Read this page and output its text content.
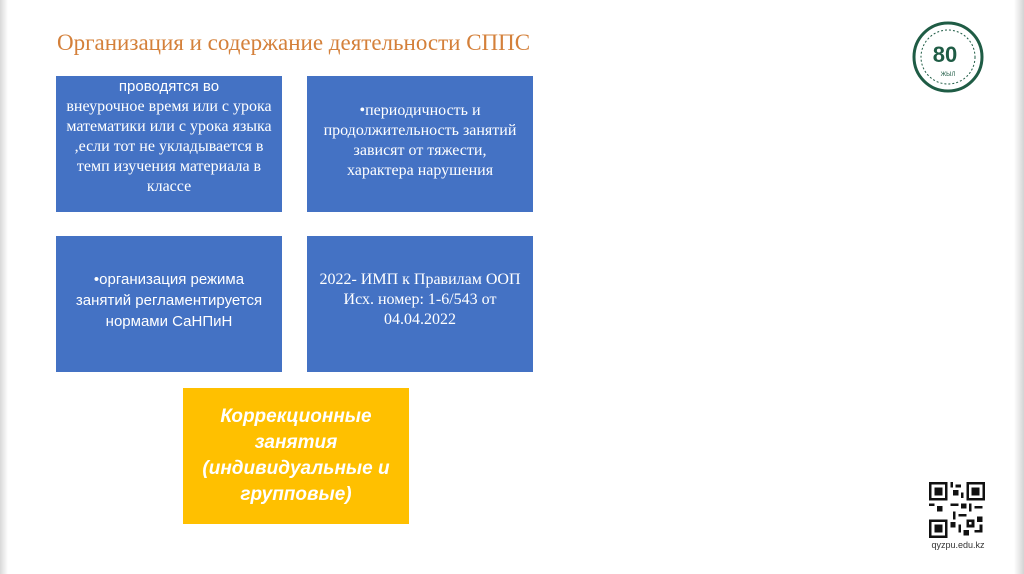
Организация и содержание деятельности СППС
проводятся во
внеурочное время или с урока математики или с урока языка ,если тот не укладывается в темп изучения материала в классе
•периодичность и продолжительность занятий зависят от тяжести, характера нарушения
•организация режима занятий регламентируется нормами СаНПиН
2022- ИМП к Правилам ООП Исх. номер: 1-6/543 от 04.04.2022
Коррекционные занятия (индивидуальные и групповые)
80
ЖЫЛ
qyzpu.edu.kz
